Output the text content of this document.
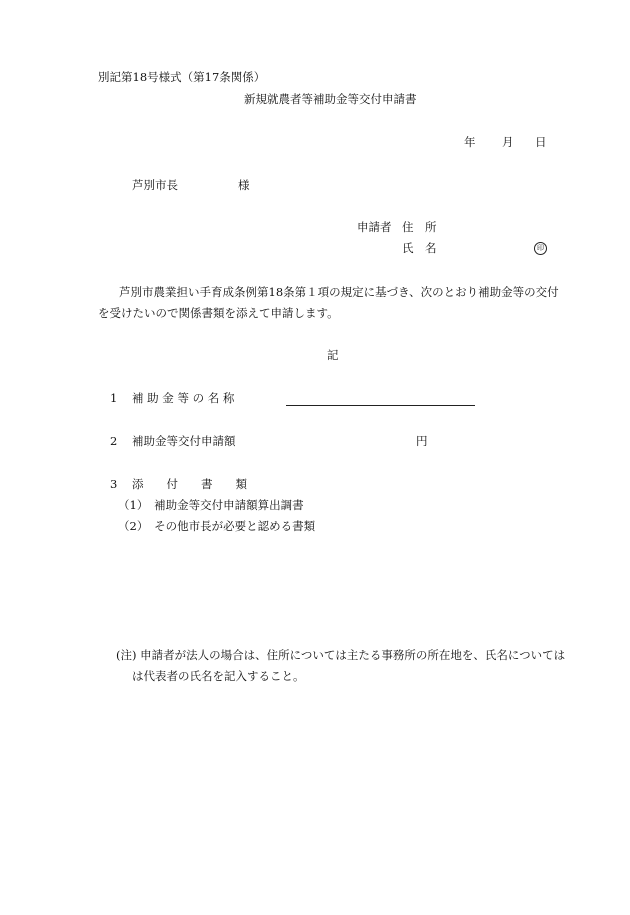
別記第18号様式（第17条関係）
新規就農者等補助金等交付申請書
年 月 日
芦別市長	様
申請者 住　所
氏　名	印
芦別市農業担い手育成条例第18条第１項の規定に基づき、次のとおり補助金等の交付
を受けたいので関係書類を添えて申請します。
記
1 補 助 金 等 の 名 称
2 補助金等交付申請額	円
3 添　　付　　書　　類
（1）　補助金等交付申請額算出調書
（2）　その他市長が必要と認める書類
(注) 申請者が法人の場合は、住所については主たる事務所の所在地を、氏名については
は代表者の氏名を記入すること。
